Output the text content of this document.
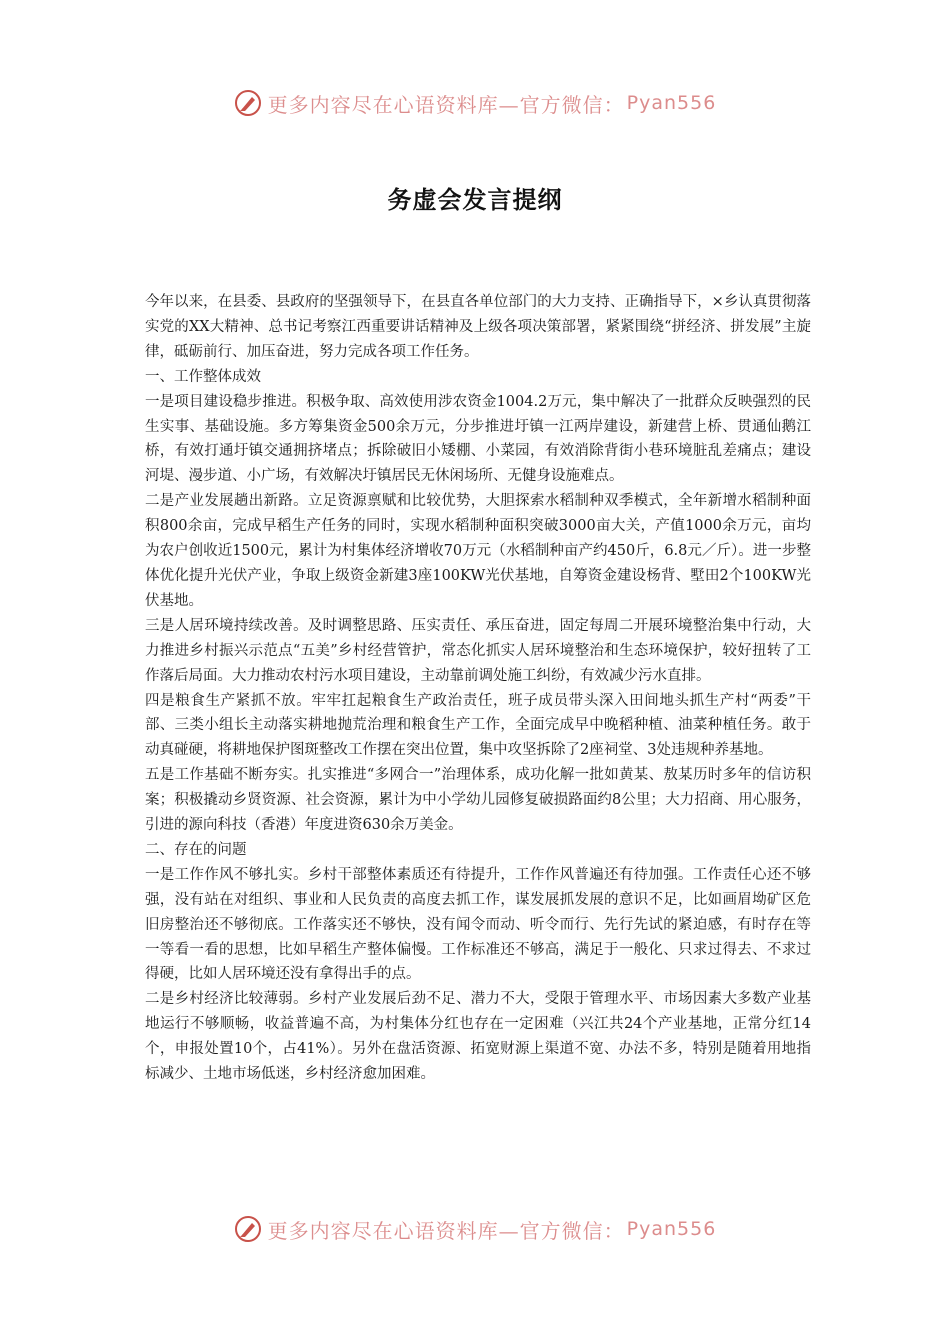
更多内容尽在心语资料库—官方微信： Pyan556
务虚会发言提纲

今年以来，在县委、县政府的坚强领导下，在县直各单位部门的大力支持、正确指导下，×乡认真贯彻落实党的XX大精神、总书记考察江西重要讲话精神及上级各项决策部署，紧紧围绕“拼经济、拼发展”主旋律，砥砺前行、加压奋进，努力完成各项工作任务。

一、工作整体成效

一是项目建设稳步推进。积极争取、高效使用涉农资金1004.2万元，集中解决了一批群众反映强烈的民生实事、基础设施。多方筹集资金500余万元，分步推进圩镇一江两岸建设，新建营上桥、贯通仙鹅江桥，有效打通圩镇交通拥挤堵点；拆除破旧小矮棚、小菜园，有效消除背街小巷环境脏乱差痛点；建设河堤、漫步道、小广场，有效解决圩镇居民无休闲场所、无健身设施难点。

二是产业发展趟出新路。立足资源禀赋和比较优势，大胆探索水稻制种双季模式，全年新增水稻制种面积800余亩，完成早稻生产任务的同时，实现水稻制种面积突破3000亩大关，产值1000余万元，亩均为农户创收近1500元，累计为村集体经济增收70万元（水稻制种亩产约450斤，6.8元／斤）。进一步整体优化提升光伏产业，争取上级资金新建3座100KW光伏基地，自筹资金建设杨背、墅田2个100KW光伏基地。

三是人居环境持续改善。及时调整思路、压实责任、承压奋进，固定每周二开展环境整治集中行动，大力推进乡村振兴示范点“五美”乡村经营管护，常态化抓实人居环境整治和生态环境保护，较好扭转了工作落后局面。大力推动农村污水项目建设，主动靠前调处施工纠纷，有效减少污水直排。

四是粮食生产紧抓不放。牢牢扛起粮食生产政治责任，班子成员带头深入田间地头抓生产村“两委”干部、三类小组长主动落实耕地抛荒治理和粮食生产工作，全面完成早中晚稻种植、油菜种植任务。敢于动真碰硬，将耕地保护图斑整改工作摆在突出位置，集中攻坚拆除了2座祠堂、3处违规种养基地。

五是工作基础不断夯实。扎实推进“多网合一”治理体系，成功化解一批如黄某、敖某历时多年的信访积案；积极撬动乡贤资源、社会资源，累计为中小学幼儿园修复破损路面约8公里；大力招商、用心服务，引进的源向科技（香港）年度进资630余万美金。

二、存在的问题

一是工作作风不够扎实。乡村干部整体素质还有待提升，工作作风普遍还有待加强。工作责任心还不够强，没有站在对组织、事业和人民负责的高度去抓工作，谋发展抓发展的意识不足，比如画眉坳矿区危旧房整治还不够彻底。工作落实还不够快，没有闻令而动、听令而行、先行先试的紧迫感，有时存在等一等看一看的思想，比如早稻生产整体偏慢。工作标准还不够高，满足于一般化、只求过得去、不求过得硬，比如人居环境还没有拿得出手的点。

二是乡村经济比较薄弱。乡村产业发展后劲不足、潜力不大，受限于管理水平、市场因素大多数产业基地运行不够顺畅，收益普遍不高，为村集体分红也存在一定困难（兴江共24个产业基地，正常分红14个，申报处置10个，占41%）。另外在盘活资源、拓宽财源上渠道不宽、办法不多，特别是随着用地指标减少、土地市场低迷，乡村经济愈加困难。

更多内容尽在心语资料库—官方微信： Pyan556
